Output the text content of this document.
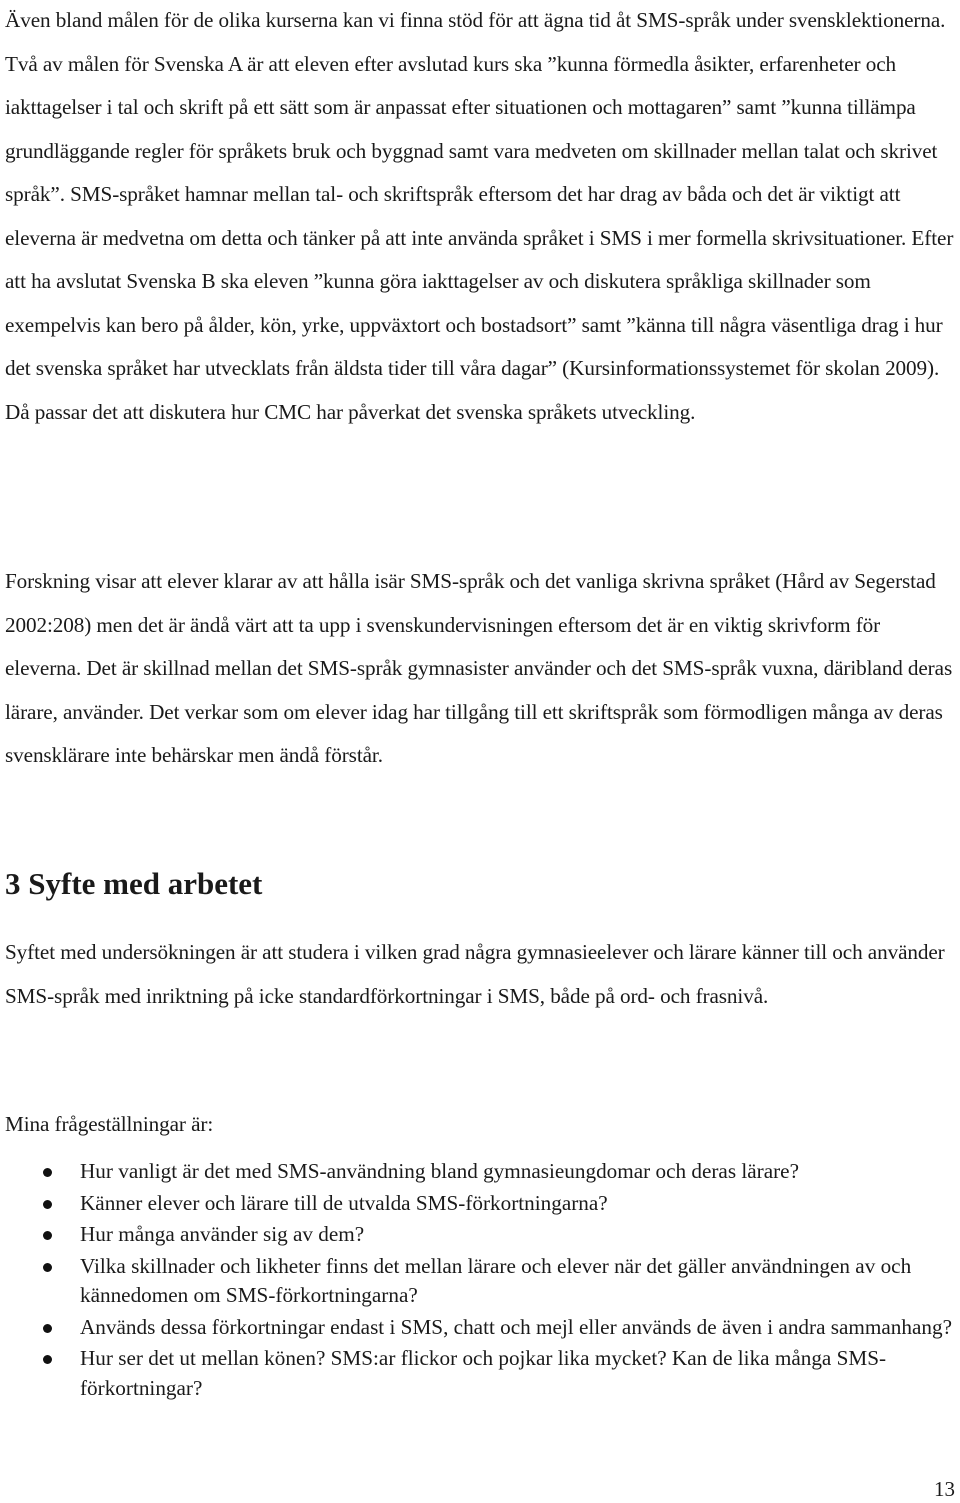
Även bland målen för de olika kurserna kan vi finna stöd för att ägna tid åt SMS-språk under svensklektionerna. Två av målen för Svenska A är att eleven efter avslutad kurs ska ”kunna förmedla åsikter, erfarenheter och iakttagelser i tal och skrift på ett sätt som är anpassat efter situationen och mottagaren” samt ”kunna tillämpa grundläggande regler för språkets bruk och byggnad samt vara medveten om skillnader mellan talat och skrivet språk”. SMS-språket hamnar mellan tal- och skriftspråk eftersom det har drag av båda och det är viktigt att eleverna är medvetna om detta och tänker på att inte använda språket i SMS i mer formella skrivsituationer. Efter att ha avslutat Svenska B ska eleven ”kunna göra iakttagelser av och diskutera språkliga skillnader som exempelvis kan bero på ålder, kön, yrke, uppväxtort och bostadsort” samt ”känna till några väsentliga drag i hur det svenska språket har utvecklats från äldsta tider till våra dagar” (Kursinformationssystemet för skolan 2009). Då passar det att diskutera hur CMC har påverkat det svenska språkets utveckling.

Forskning visar att elever klarar av att hålla isär SMS-språk och det vanliga skrivna språket (Hård av Segerstad 2002:208) men det är ändå värt att ta upp i svenskundervisningen eftersom det är en viktig skrivform för eleverna. Det är skillnad mellan det SMS-språk gymnasister använder och det SMS-språk vuxna, däribland deras lärare, använder. Det verkar som om elever idag har tillgång till ett skriftspråk som förmodligen många av deras svensklärare inte behärskar men ändå förstår.

3 Syfte med arbetet

Syftet med undersökningen är att studera i vilken grad några gymnasieelever och lärare känner till och använder SMS-språk med inriktning på icke standardförkortningar i SMS, både på ord- och frasnivå.

Mina frågeställningar är:

Hur vanligt är det med SMS-användning bland gymnasieungdomar och deras lärare?
Känner elever och lärare till de utvalda SMS-förkortningarna?
Hur många använder sig av dem?
Vilka skillnader och likheter finns det mellan lärare och elever när det gäller användningen av och kännedomen om SMS-förkortningarna?
Används dessa förkortningar endast i SMS, chatt och mejl eller används de även i andra sammanhang?
Hur ser det ut mellan könen? SMS:ar flickor och pojkar lika mycket? Kan de lika många SMS-förkortningar?
13
